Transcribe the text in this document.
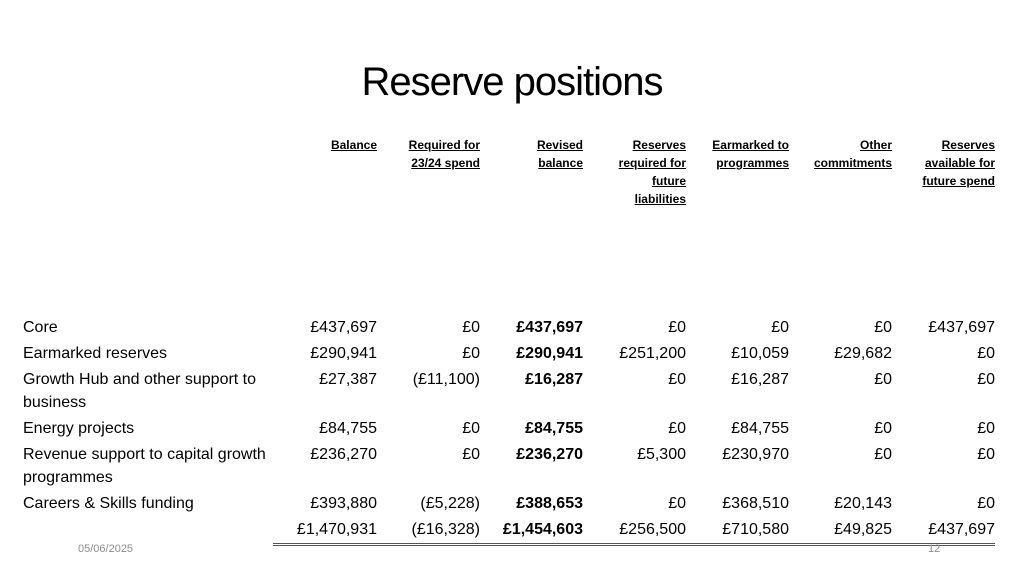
Reserve positions
	Balance	Required for 23/24 spend	Revised balance	Reserves required for future liabilities	Earmarked to programmes	Other commitments	Reserves available for future spend
Core	£437,697	£0	£437,697	£0	£0	£0	£437,697
Earmarked reserves	£290,941	£0	£290,941	£251,200	£10,059	£29,682	£0
Growth Hub and other support to business	£27,387	(£11,100)	£16,287	£0	£16,287	£0	£0
Energy projects	£84,755	£0	£84,755	£0	£84,755	£0	£0
Revenue support to capital growth programmes	£236,270	£0	£236,270	£5,300	£230,970	£0	£0
Careers & Skills funding	£393,880	(£5,228)	£388,653	£0	£368,510	£20,143	£0
	£1,470,931	(£16,328)	£1,454,603	£256,500	£710,580	£49,825	£437,697
05/06/2025	12
